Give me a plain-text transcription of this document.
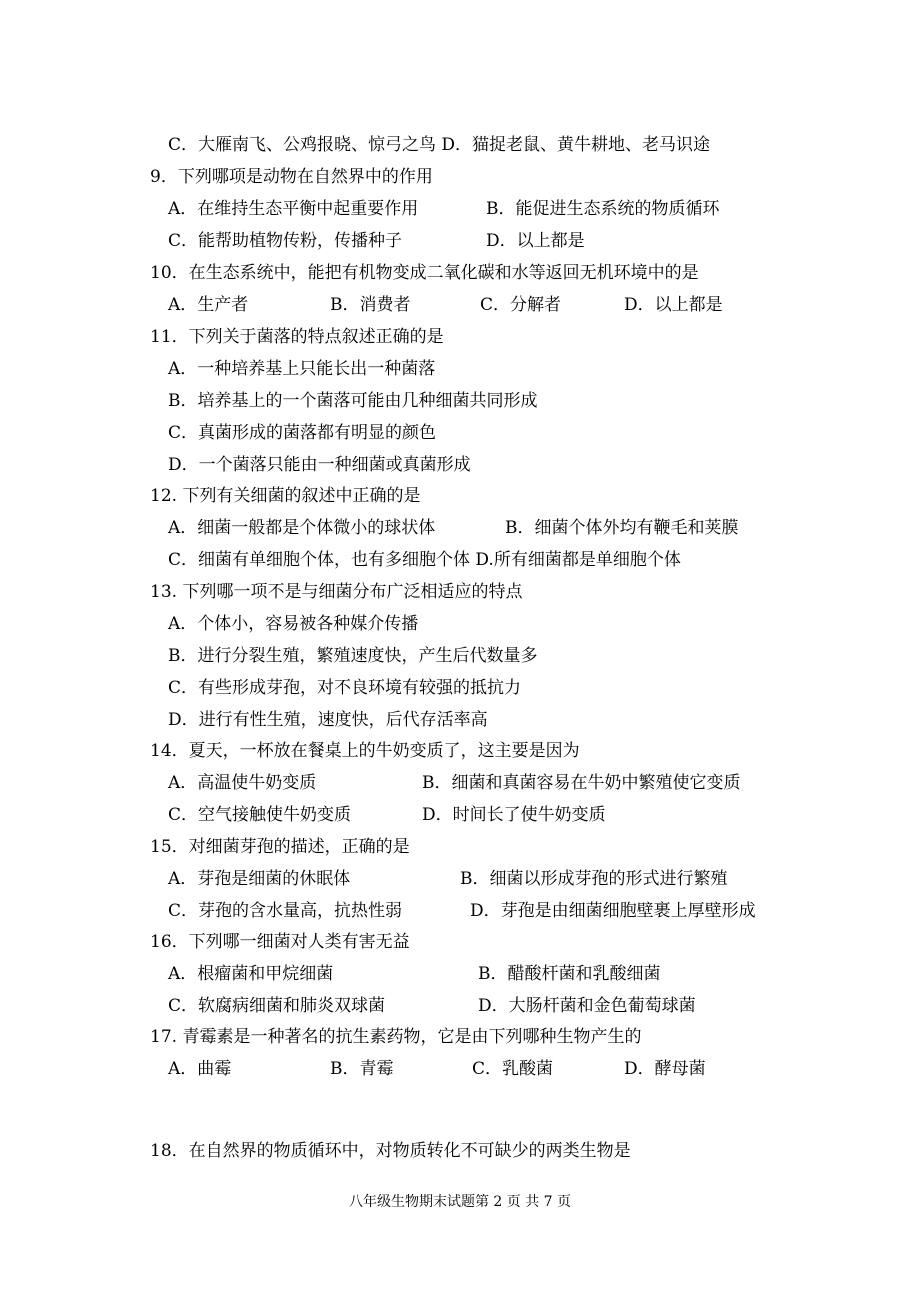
C．大雁南飞、公鸡报晓、惊弓之鸟 D．猫捉老鼠、黄牛耕地、老马识途
9．下列哪项是动物在自然界中的作用
A．在维持生态平衡中起重要作用	B．能促进生态系统的物质循环
C．能帮助植物传粉，传播种子	D．以上都是
10．在生态系统中，能把有机物变成二氧化碳和水等返回无机环境中的是
A．生产者	B．消费者	C．分解者	D．以上都是
11．下列关于菌落的特点叙述正确的是
A．一种培养基上只能长出一种菌落
B．培养基上的一个菌落可能由几种细菌共同形成
C．真菌形成的菌落都有明显的颜色
D．一个菌落只能由一种细菌或真菌形成
12. 下列有关细菌的叙述中正确的是
A．细菌一般都是个体微小的球状体	B．细菌个体外均有鞭毛和荚膜
C．细菌有单细胞个体，也有多细胞个体 D.所有细菌都是单细胞个体
13. 下列哪一项不是与细菌分布广泛相适应的特点
A．个体小，容易被各种媒介传播
B．进行分裂生殖，繁殖速度快，产生后代数量多
C．有些形成芽孢，对不良环境有较强的抵抗力
D．进行有性生殖，速度快，后代存活率高
14．夏天，一杯放在餐桌上的牛奶变质了，这主要是因为
A．高温使牛奶变质	B．细菌和真菌容易在牛奶中繁殖使它变质
C．空气接触使牛奶变质	D．时间长了使牛奶变质
15．对细菌芽孢的描述，正确的是
A．芽孢是细菌的休眠体	B．细菌以形成芽孢的形式进行繁殖
C．芽孢的含水量高，抗热性弱	D．芽孢是由细菌细胞壁裹上厚壁形成
16．下列哪一细菌对人类有害无益
A．根瘤菌和甲烷细菌	B．醋酸杆菌和乳酸细菌
C．软腐病细菌和肺炎双球菌	D．大肠杆菌和金色葡萄球菌
17. 青霉素是一种著名的抗生素药物，它是由下列哪种生物产生的
A．曲霉	B．青霉	C．乳酸菌	D．酵母菌
18．在自然界的物质循环中，对物质转化不可缺少的两类生物是
八年级生物期末试题第 2 页 共 7 页
